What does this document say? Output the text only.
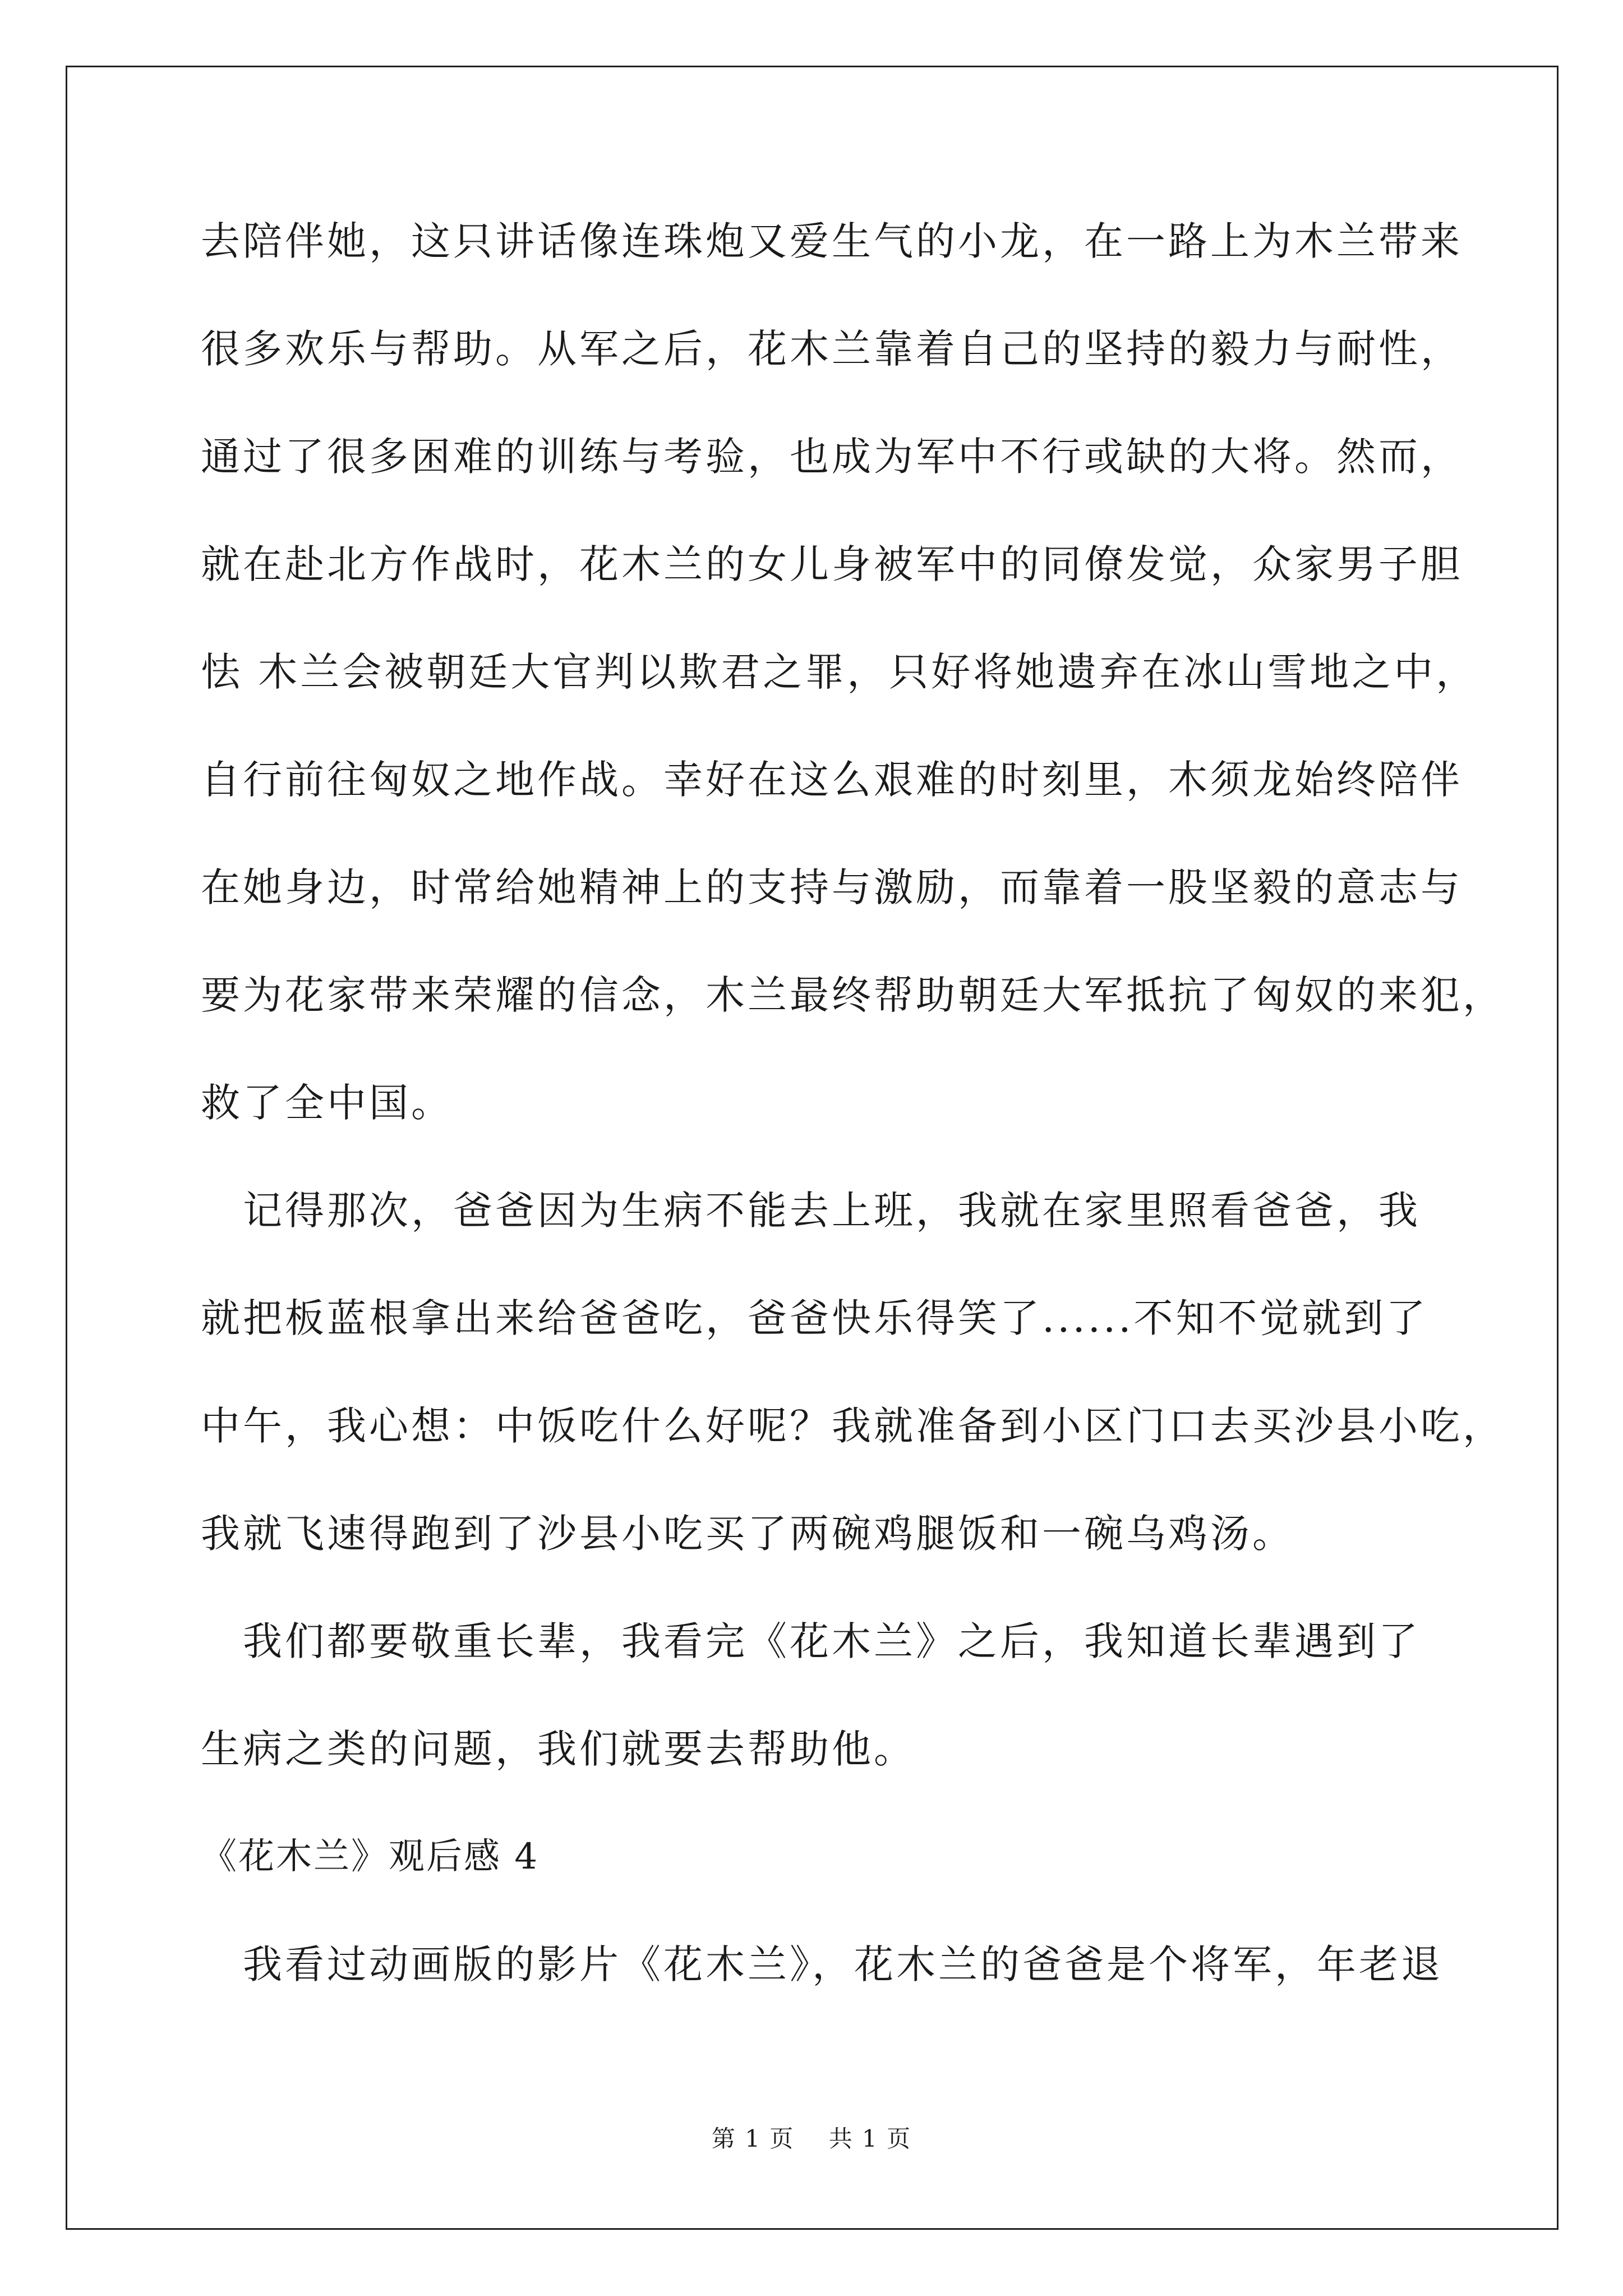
去陪伴她，这只讲话像连珠炮又爱生气的小龙，在一路上为木兰带来
很多欢乐与帮助。从军之后，花木兰靠着自己的坚持的毅力与耐性，
通过了很多困难的训练与考验，也成为军中不行或缺的大将。然而，
就在赴北方作战时，花木兰的女儿身被军中的同僚发觉，众家男子胆
怯 木兰会被朝廷大官判以欺君之罪，只好将她遗弃在冰山雪地之中，
自行前往匈奴之地作战。幸好在这么艰难的时刻里，木须龙始终陪伴
在她身边，时常给她精神上的支持与激励，而靠着一股坚毅的意志与
要为花家带来荣耀的信念，木兰最终帮助朝廷大军抵抗了匈奴的来犯，
救了全中国。
　记得那次，爸爸因为生病不能去上班，我就在家里照看爸爸，我
就把板蓝根拿出来给爸爸吃，爸爸快乐得笑了......不知不觉就到了
中午，我心想：中饭吃什么好呢？我就准备到小区门口去买沙县小吃，
我就飞速得跑到了沙县小吃买了两碗鸡腿饭和一碗乌鸡汤。
　我们都要敬重长辈，我看完《花木兰》之后，我知道长辈遇到了
生病之类的问题，我们就要去帮助他。
《花木兰》观后感 4
　我看过动画版的影片《花木兰》，花木兰的爸爸是个将军，年老退
第 1 页    共 1 页
